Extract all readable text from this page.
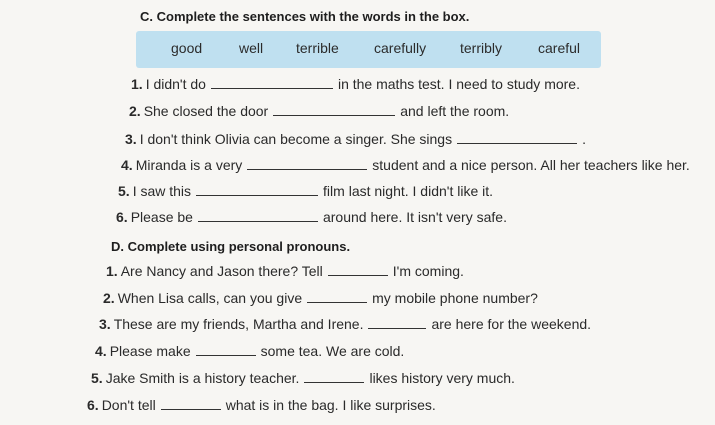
C. Complete the sentences with the words in the box.
good	well terrible	carefully terribly	careful
1. I didn't do	in the maths test. I need to study more.
2. She closed the door	and left the room.
3. I don't think Olivia can become a singer. She sings	.
4. Miranda is a very	student and a nice person. All her teachers like her.
5. I saw this	film last night. I didn't like it.
6. Please be	around here. It isn't very safe.
D. Complete using personal pronouns.
1. Are Nancy and Jason there? Tell	I'm coming.
2. When Lisa calls, can you give	my mobile phone number?
3. These are my friends, Martha and Irene.	are here for the weekend.
4. Please make	some tea. We are cold.
5. Jake Smith is a history teacher.	likes history very much.
6. Don't tell	what is in the bag. I like surprises.
